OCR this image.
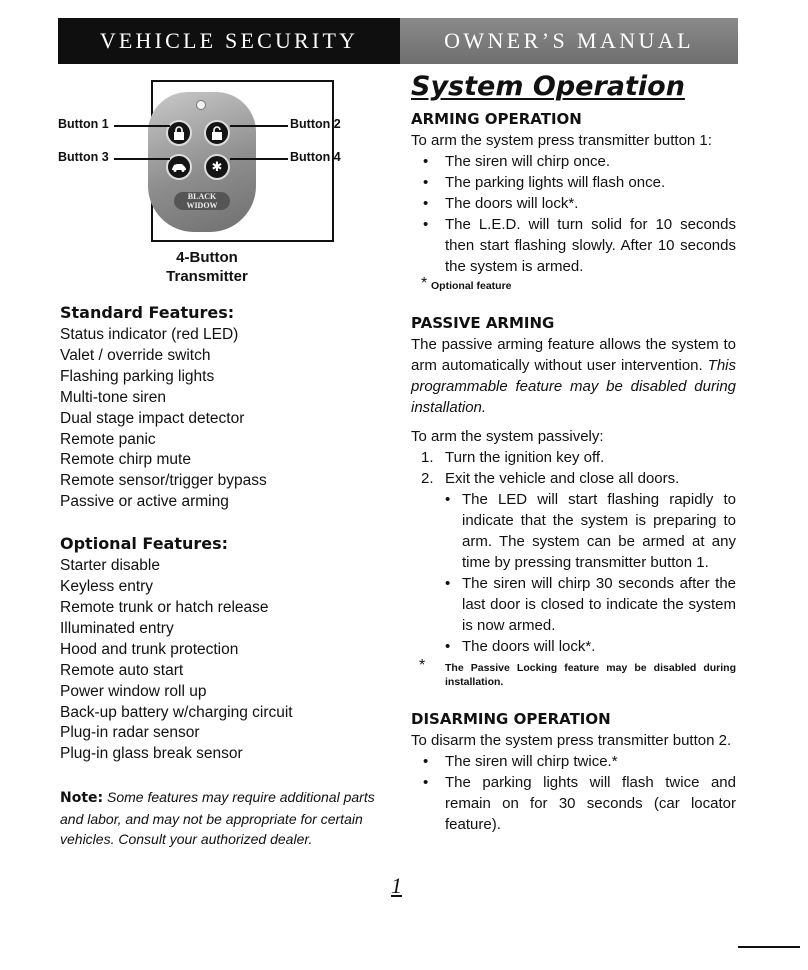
VEHICLE SECURITY	OWNER’S MANUAL
✱
BLACK
WIDOW
Button 1	Button 2
Button 3	Button 4
4-Button
Transmitter
Standard Features:
Status indicator (red LED)
Valet / override switch
Flashing parking lights
Multi-tone siren
Dual stage impact detector
Remote panic
Remote chirp mute
Remote sensor/trigger bypass
Passive or active arming
Optional Features:
Starter disable
Keyless entry
Remote trunk or hatch release
Illuminated entry
Hood and trunk protection
Remote auto start
Power window roll up
Back-up battery w/charging circuit
Plug-in radar sensor
Plug-in glass break sensor
Note: Some features may require additional parts and labor, and may not be appropriate for certain vehicles. Consult your authorized dealer.
System Operation
ARMING OPERATION
To arm the system press transmitter button 1:
• The siren will chirp once.
• The parking lights will flash once.
• The doors will lock*.
• The L.E.D. will turn solid for 10 seconds then start flashing slowly. After 10 seconds the system is armed.
* Optional feature
PASSIVE ARMING
The passive arming feature allows the system to arm automatically without user intervention. This programmable feature may be disabled during installation.
To arm the system passively:
1. Turn the ignition key off.
2. Exit the vehicle and close all doors.
• The LED will start flashing rapidly to indicate that the system is preparing to arm. The system can be armed at any time by pressing transmitter button 1.
• The siren will chirp 30 seconds after the last door is closed to indicate the system is now armed.
• The doors will lock*.
* The Passive Locking feature may be disabled during installation.
DISARMING OPERATION
To disarm the system press transmitter button 2.
• The siren will chirp twice.*
• The parking lights will flash twice and remain on for 30 seconds (car locator feature).
1
